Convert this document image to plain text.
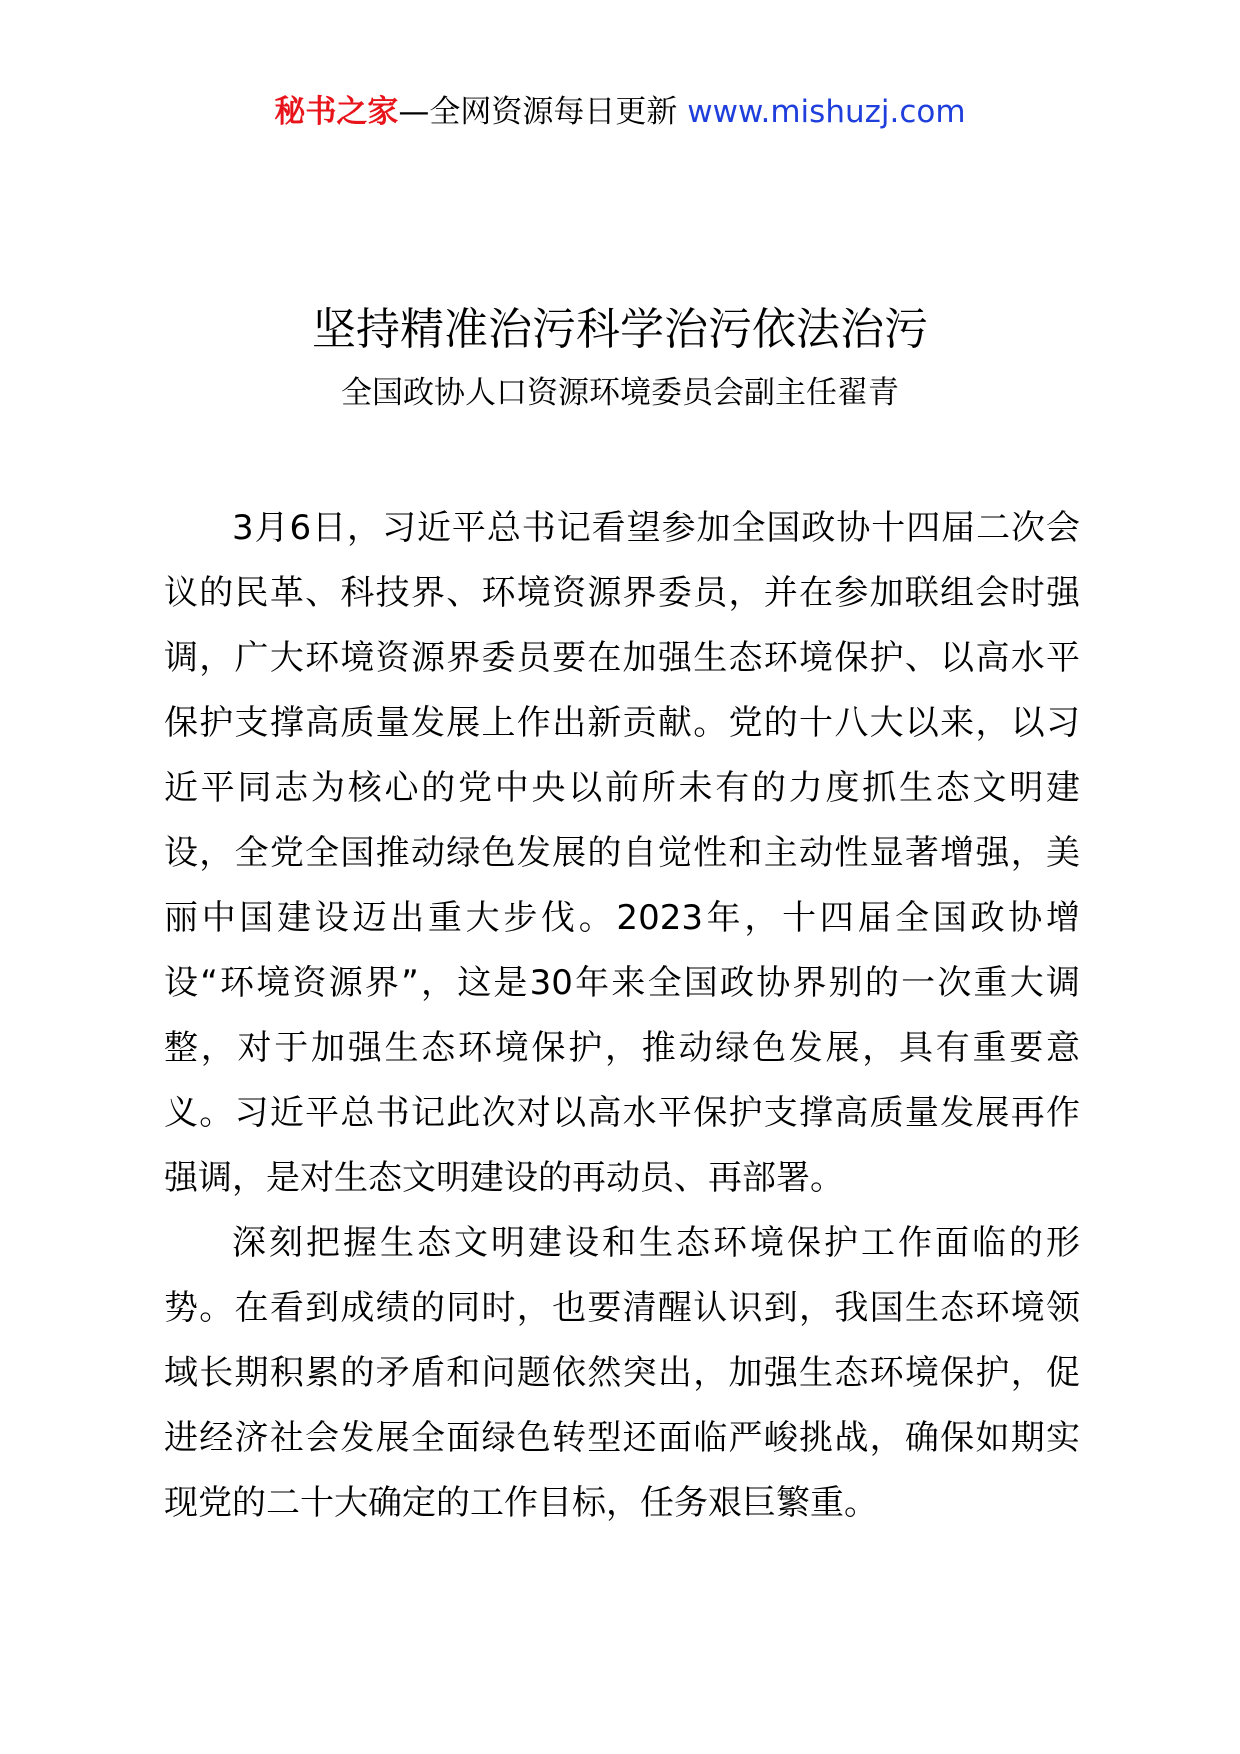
秘书之家—全网资源每日更新 www.mishuzj.com
坚持精准治污科学治污依法治污
全国政协人口资源环境委员会副主任翟青

3月6日，习近平总书记看望参加全国政协十四届二次会议的民革、科技界、环境资源界委员，并在参加联组会时强调，广大环境资源界委员要在加强生态环境保护、以高水平保护支撑高质量发展上作出新贡献。党的十八大以来，以习近平同志为核心的党中央以前所未有的力度抓生态文明建设，全党全国推动绿色发展的自觉性和主动性显著增强，美丽中国建设迈出重大步伐。2023年，十四届全国政协增设“环境资源界”，这是30年来全国政协界别的一次重大调整，对于加强生态环境保护，推动绿色发展，具有重要意义。习近平总书记此次对以高水平保护支撑高质量发展再作强调，是对生态文明建设的再动员、再部署。

深刻把握生态文明建设和生态环境保护工作面临的形势。在看到成绩的同时，也要清醒认识到，我国生态环境领域长期积累的矛盾和问题依然突出，加强生态环境保护，促进经济社会发展全面绿色转型还面临严峻挑战，确保如期实现党的二十大确定的工作目标，任务艰巨繁重。
